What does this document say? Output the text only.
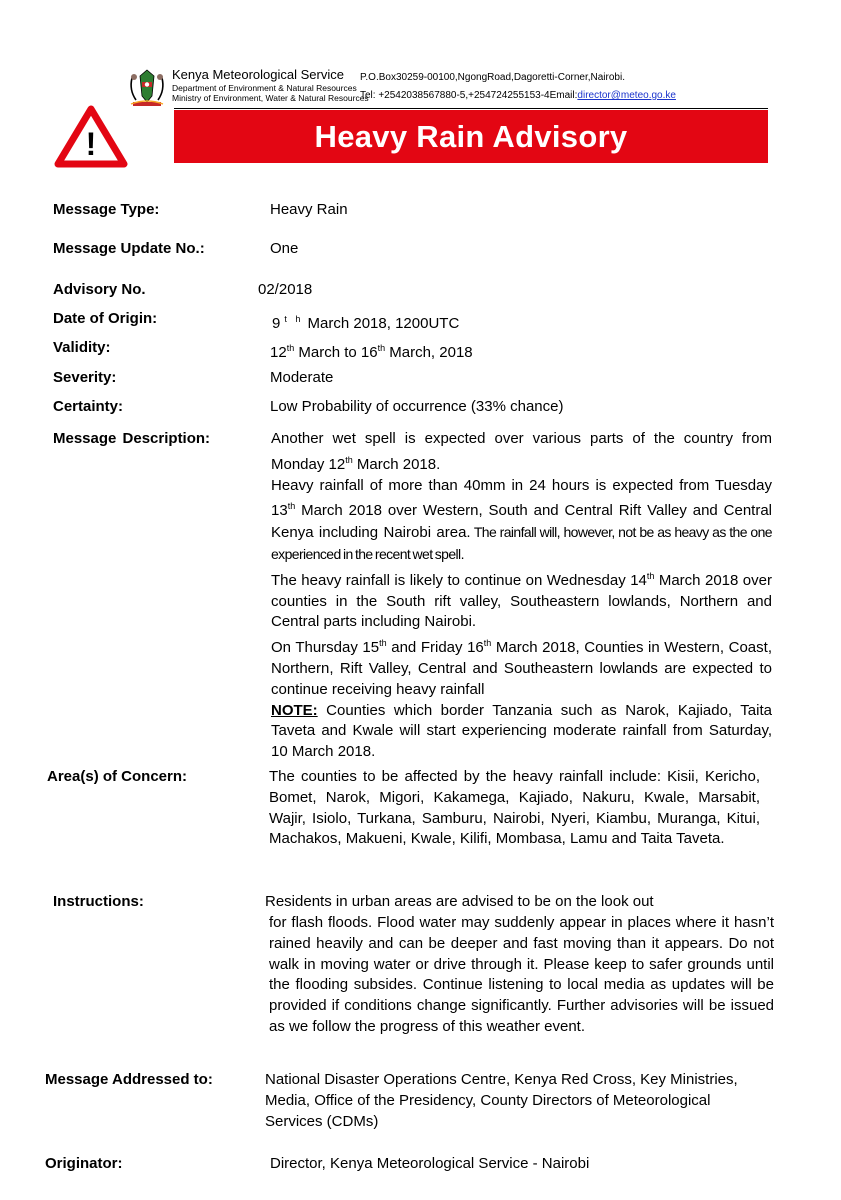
Kenya Meteorological Service
Department of Environment & Natural Resources
Ministry of Environment, Water & Natural Resources
P.O.Box30259-00100,NgongRoad,Dagoretti-Corner,Nairobi.
Tel: +2542038567880-5,+254724255153-4Email:director@meteo.go.ke
!	Heavy Rain Advisory
Message Type:	Heavy Rain
Message Update No.:	One
Advisory No.	02/2018
Date of Origin:	9 $^{t h}$ March 2018, 1200UTC
Validity:	12th March to 16th March, 2018
Severity:	Moderate
Certainty:	Low Probability of occurrence (33% chance)
Message Description:	Another wet spell is expected over various parts of the country from Monday 12th March 2018.

Heavy rainfall of more than 40mm in 24 hours is expected from Tuesday 13th March 2018 over Western, South and Central Rift Valley and Central Kenya including Nairobi area. The rainfall will, however, not be as heavy as the one experienced in the recent wet spell.

The heavy rainfall is likely to continue on Wednesday 14th March 2018 over counties in the South rift valley, Southeastern lowlands, Northern and Central parts including Nairobi.

On Thursday 15th and Friday 16th March 2018, Counties in Western, Coast, Northern, Rift Valley, Central and Southeastern lowlands are expected to continue receiving heavy rainfall

NOTE: Counties which border Tanzania such as Narok, Kajiado, Taita Taveta and Kwale will start experiencing moderate rainfall from Saturday, 10 March 2018.

Area(s) of Concern:	The counties to be affected by the heavy rainfall include: Kisii, Kericho, Bomet, Narok, Migori, Kakamega, Kajiado, Nakuru, Kwale, Marsabit, Wajir, Isiolo, Turkana, Samburu, Nairobi, Nyeri, Kiambu, Muranga, Kitui, Machakos, Makueni, Kwale, Kilifi, Mombasa, Lamu and Taita Taveta.
Instructions:	Residents in urban areas are advised to be on the look out
for flash floods. Flood water may suddenly appear in places where it hasn’t rained heavily and can be deeper and fast moving than it appears. Do not walk in moving water or drive through it. Please keep to safer grounds until the flooding subsides. Continue listening to local media as updates will be provided if conditions change significantly. Further advisories will be issued as we follow the progress of this weather event.
Message Addressed to:	National Disaster Operations Centre, Kenya Red Cross, Key Ministries, Media, Office of the Presidency, County Directors of Meteorological Services (CDMs)
Originator:	Director, Kenya Meteorological Service - Nairobi
